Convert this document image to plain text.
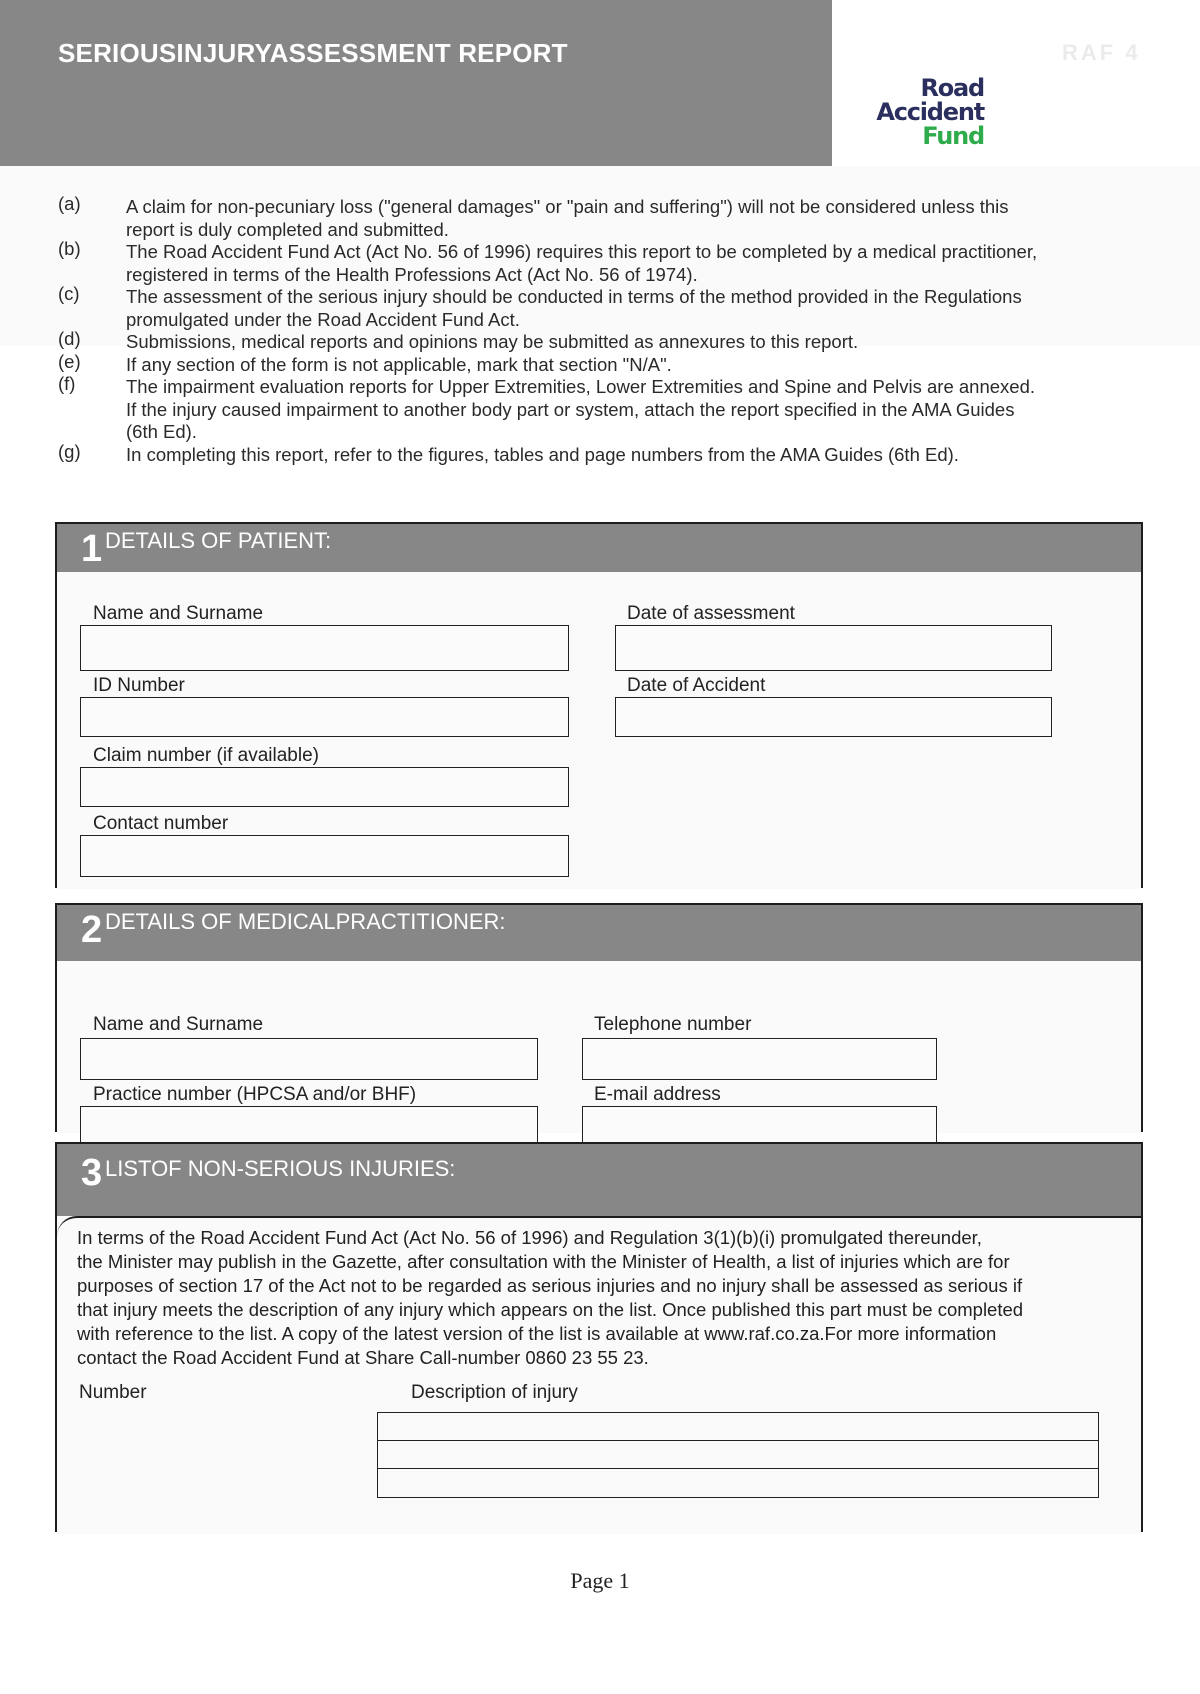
SERIOUSINJURYASSESSMENT REPORT	RAF 4
Road
Accident
Fund
(a) A claim for non-pecuniary loss ("general damages" or "pain and suffering") will not be considered unless this
report is duly completed and submitted.
(b) The Road Accident Fund Act (Act No. 56 of 1996) requires this report to be completed by a medical practitioner,
registered in terms of the Health Professions Act (Act No. 56 of 1974).
(c)	The assessment of the serious injury should be conducted in terms of the method provided in the Regulations
promulgated under the Road Accident Fund Act.
(d) Submissions, medical reports and opinions may be submitted as annexures to this report.
(e) If any section of the form is not applicable, mark that section "N/A".
(f)	The impairment evaluation reports for Upper Extremities, Lower Extremities and Spine and Pelvis are annexed.
If the injury caused impairment to another body part or system, attach the report specified in the AMA Guides
(6th Ed).
(g) In completing this report, refer to the figures, tables and page numbers from the AMA Guides (6th Ed).
1 DETAILS OF PATIENT:
Name and Surname	Date of assessment
ID Number	Date of Accident
Claim number (if available)
Contact number
2 DETAILS OF MEDICALPRACTITIONER:
Name and Surname	Telephone number
Practice number (HPCSA and/or BHF)	E-mail address
3 LISTOF NON-SERIOUS INJURIES:
In terms of the Road Accident Fund Act (Act No. 56 of 1996) and Regulation 3(1)(b)(i) promulgated thereunder,
the Minister may publish in the Gazette, after consultation with the Minister of Health, a list of injuries which are for
purposes of section 17 of the Act not to be regarded as serious injuries and no injury shall be assessed as serious if
that injury meets the description of any injury which appears on the list. Once published this part must be completed
with reference to the list. A copy of the latest version of the list is available at www.raf.co.za.For more information
contact the Road Accident Fund at Share Call-number 0860 23 55 23.
Number	Description of injury
Page 1
